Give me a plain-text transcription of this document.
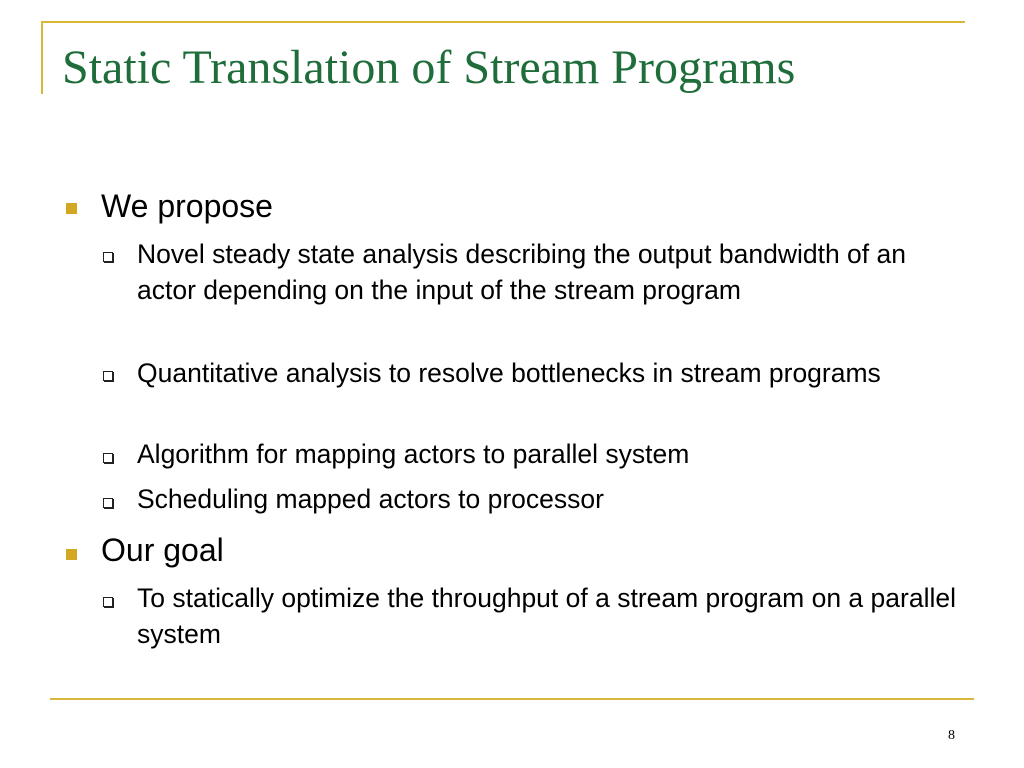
Static Translation of Stream Programs
We propose
Novel steady state analysis describing the output bandwidth of an actor depending on the input of the stream program
Quantitative analysis to resolve bottlenecks in stream programs
Algorithm for mapping actors to parallel system
Scheduling mapped actors to processor
Our goal
To statically optimize the throughput of a stream program on a parallel system
8
